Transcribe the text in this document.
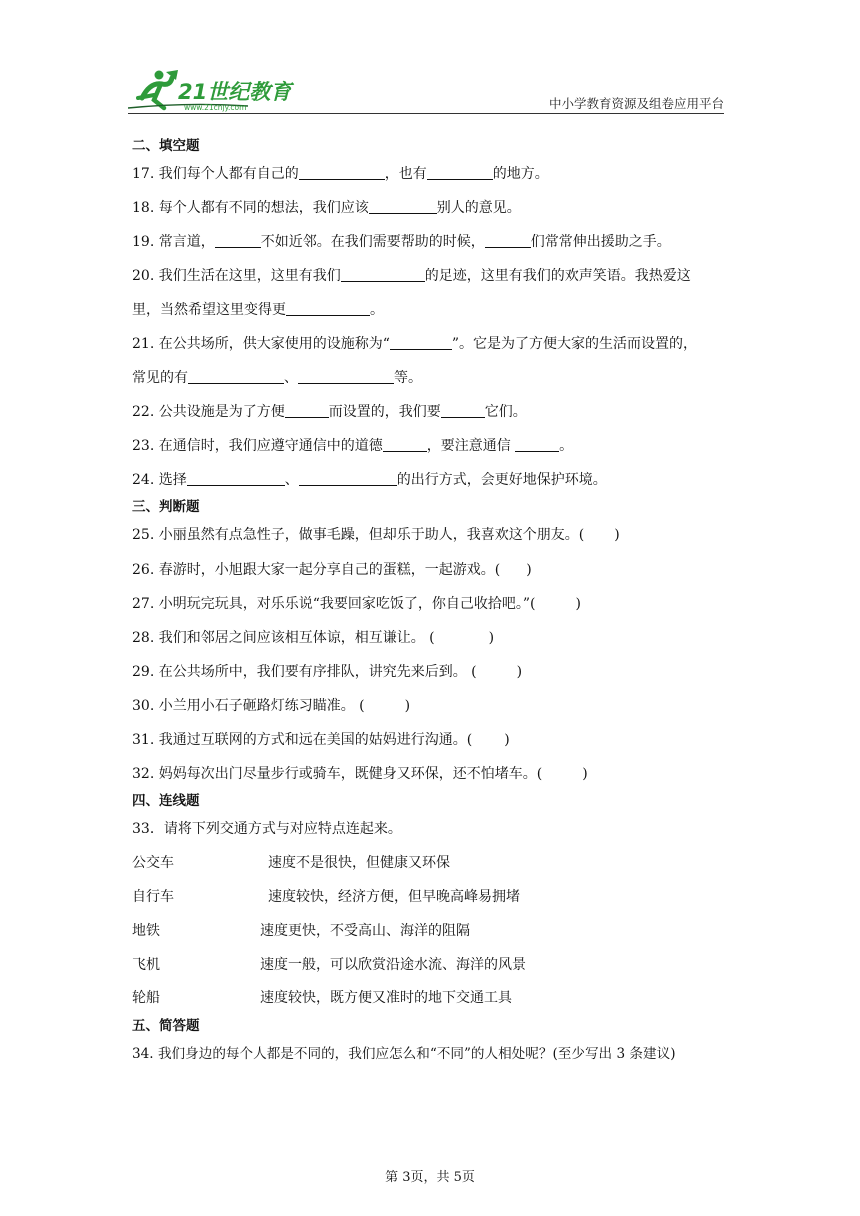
21世纪教育
www.21cnjy.com	中小学教育资源及组卷应用平台
二、填空题
17. 我们每个人都有自己的	，也有	的地方。
18. 每个人都有不同的想法，我们应该	别人的意见。
19. 常言道，	不如近邻。在我们需要帮助的时候，	们常常伸出援助之手。
20. 我们生活在这里，这里有我们	的足迹，这里有我们的欢声笑语。我热爱这
里，当然希望这里变得更	。
21. 在公共场所，供大家使用的设施称为“	”。它是为了方便大家的生活而设置的，
常见的有	、	等。
22. 公共设施是为了方便	而设置的，我们要	它们。
23. 在通信时，我们应遵守通信中的道德	，要注意通信	。
24. 选择	、	的出行方式，会更好地保护环境。
三、判断题
25. 小丽虽然有点急性子，做事毛躁，但却乐于助人，我喜欢这个朋友。( )
26. 春游时，小旭跟大家一起分享自己的蛋糕，一起游戏。( )
27. 小明玩完玩具，对乐乐说“我要回家吃饭了，你自己收拾吧。”(	)
28. 我们和邻居之间应该相互体谅，相互谦让。 (	)
29. 在公共场所中，我们要有序排队，讲究先来后到。 (	)
30. 小兰用小石子砸路灯练习瞄准。 (	)
31. 我通过互联网的方式和远在美国的姑妈进行沟通。( )
32. 妈妈每次出门尽量步行或骑车，既健身又环保，还不怕堵车。(	)
四、连线题
33．请将下列交通方式与对应特点连起来。
公交车	速度不是很快，但健康又环保
自行车	速度较快，经济方便，但早晚高峰易拥堵
地铁	速度更快，不受高山、海洋的阻隔
飞机	速度一般，可以欣赏沿途水流、海洋的风景
轮船	速度较快，既方便又准时的地下交通工具
五、简答题
34. 我们身边的每个人都是不同的，我们应怎么和“不同”的人相处呢？(至少写出 3 条建议)
第 3页，共 5页
